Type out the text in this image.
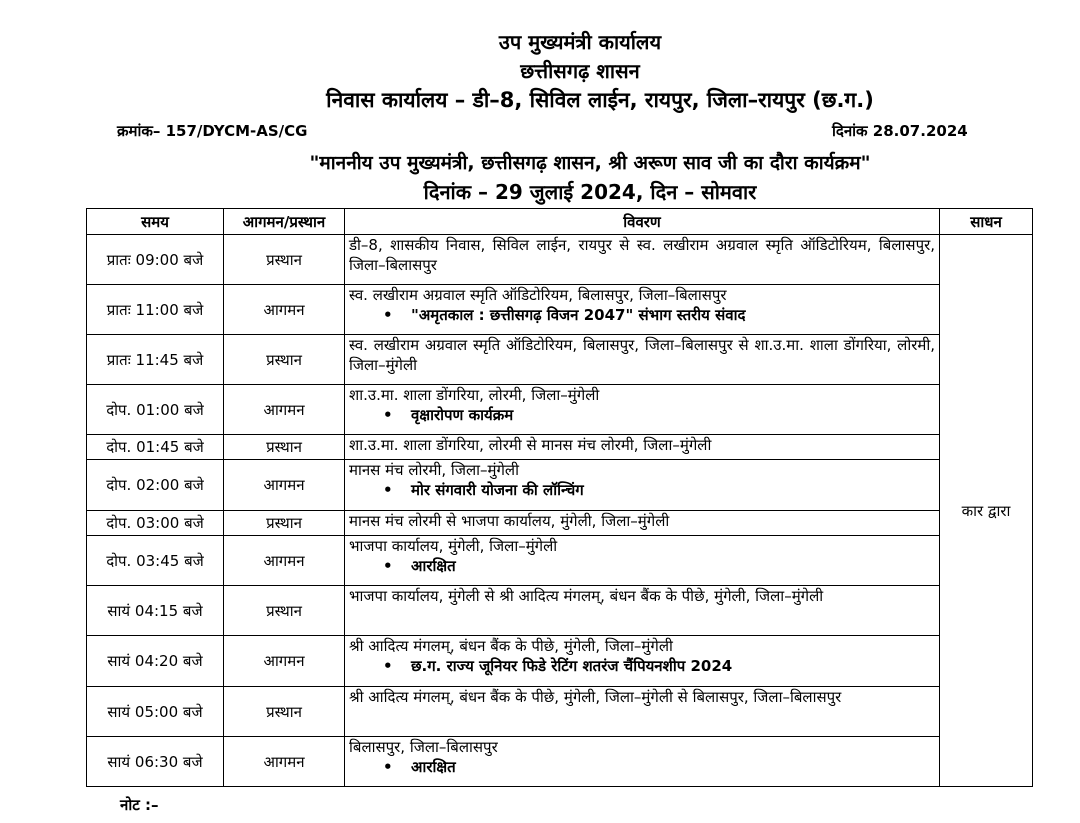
उप मुख्यमंत्री कार्यालय
छत्तीसगढ़ शासन
निवास कार्यालय – डी–8, सिविल लाईन, रायपुर, जिला–रायपुर (छ.ग.)
क्रमांक– 157/DYCM-AS/CG	दिनांक 28.07.2024
"माननीय उप मुख्यमंत्री, छत्तीसगढ़ शासन, श्री अरूण साव जी का दौरा कार्यक्रम"
दिनांक – 29 जुलाई 2024, दिन – सोमवार
समय	आगमन/प्रस्थान	विवरण	साधन
प्रातः 09:00 बजे	प्रस्थान	डी–8, शासकीय निवास, सिविल लाईन, रायपुर से स्व. लखीराम अग्रवाल स्मृति ऑडिटोरियम, बिलासपुर, जिला–बिलासपुर	कार द्वारा
प्रातः 11:00 बजे	आगमन	स्व. लखीराम अग्रवाल स्मृति ऑडिटोरियम, बिलासपुर, जिला–बिलासपुर
• "अमृतकाल : छत्तीसगढ़ विजन 2047" संभाग स्तरीय संवाद	

प्रातः 11:45 बजे	प्रस्थान	स्व. लखीराम अग्रवाल स्मृति ऑडिटोरियम, बिलासपुर, जिला–बिलासपुर से शा.उ.मा. शाला डोंगरिया, लोरमी, जिला–मुंगेली	

दोप. 01:00 बजे	आगमन	शा.उ.मा. शाला डोंगरिया, लोरमी, जिला–मुंगेली
• वृक्षारोपण कार्यक्रम	

दोप. 01:45 बजे	प्रस्थान	शा.उ.मा. शाला डोंगरिया, लोरमी से मानस मंच लोरमी, जिला–मुंगेली	

दोप. 02:00 बजे	आगमन	मानस मंच लोरमी, जिला–मुंगेली
• मोर संगवारी योजना की लॉन्चिंग	

दोप. 03:00 बजे	प्रस्थान	मानस मंच लोरमी से भाजपा कार्यालय, मुंगेली, जिला–मुंगेली	

दोप. 03:45 बजे	आगमन	भाजपा कार्यालय, मुंगेली, जिला–मुंगेली
• आरक्षित	

सायं 04:15 बजे	प्रस्थान	भाजपा कार्यालय, मुंगेली से श्री आदित्य मंगलम्, बंधन बैंक के पीछे, मुंगेली, जिला–मुंगेली	

सायं 04:20 बजे	आगमन	श्री आदित्य मंगलम्, बंधन बैंक के पीछे, मुंगेली, जिला–मुंगेली
• छ.ग. राज्य जूनियर फिडे रेटिंग शतरंज चैंपियनशीप 2024	

सायं 05:00 बजे	प्रस्थान	श्री आदित्य मंगलम्, बंधन बैंक के पीछे, मुंगेली, जिला–मुंगेली से बिलासपुर, जिला–बिलासपुर	

सायं 06:30 बजे	आगमन	बिलासपुर, जिला–बिलासपुर
• आरक्षित	
नोट :–
